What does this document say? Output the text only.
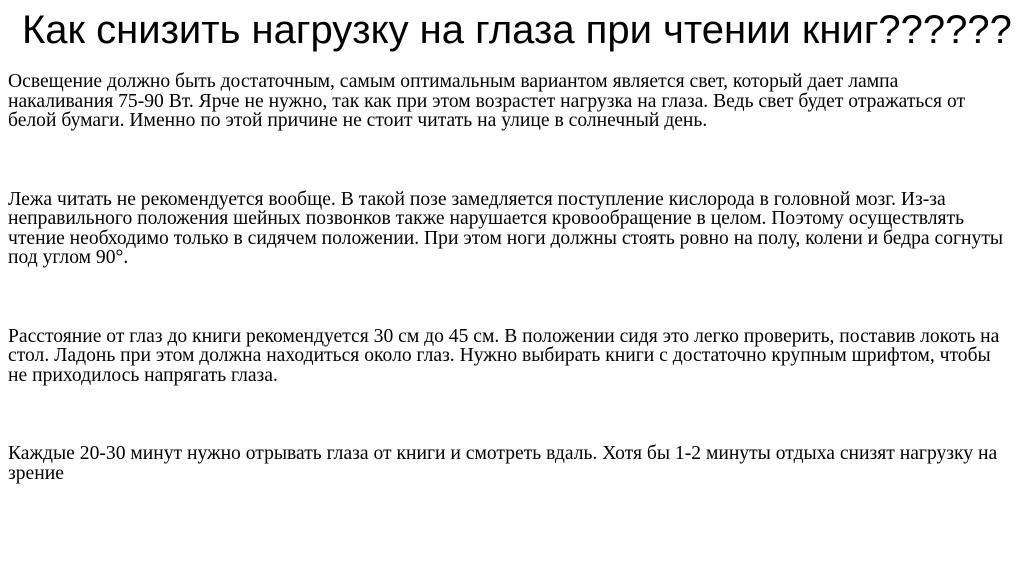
Как снизить нагрузку на глаза при чтении книг??????

Освещение должно быть достаточным, самым оптимальным вариантом является свет, который дает лампа накаливания 75-90 Вт. Ярче не нужно, так как при этом возрастет нагрузка на глаза. Ведь свет будет отражаться от белой бумаги. Именно по этой причине не стоит читать на улице в солнечный день.

Лежа читать не рекомендуется вообще. В такой позе замедляется поступление кислорода в головной мозг. Из-за неправильного положения шейных позвонков также нарушается кровообращение в целом. Поэтому осуществлять чтение необходимо только в сидячем положении. При этом ноги должны стоять ровно на полу, колени и бедра согнуты под углом 90°.

Расстояние от глаз до книги рекомендуется 30 см до 45 см. В положении сидя это легко проверить, поставив локоть на стол. Ладонь при этом должна находиться около глаз. Нужно выбирать книги с достаточно крупным шрифтом, чтобы не приходилось напрягать глаза.

Каждые 20-30 минут нужно отрывать глаза от книги и смотреть вдаль. Хотя бы 1-2 минуты отдыха снизят нагрузку на зрение
